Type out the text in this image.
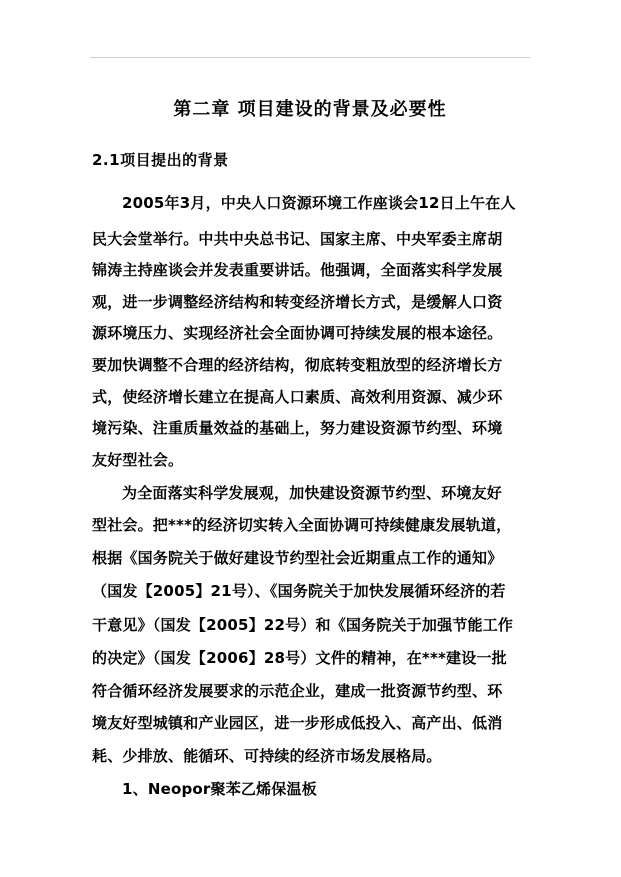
第二章 项目建设的背景及必要性
2.1项目提出的背景
2005年3月，中央人口资源环境工作座谈会12日上午在人
民大会堂举行。中共中央总书记、国家主席、中央军委主席胡
锦涛主持座谈会并发表重要讲话。他强调，全面落实科学发展
观，进一步调整经济结构和转变经济增长方式，是缓解人口资
源环境压力、实现经济社会全面协调可持续发展的根本途径。
要加快调整不合理的经济结构，彻底转变粗放型的经济增长方
式，使经济增长建立在提高人口素质、高效利用资源、减少环
境污染、注重质量效益的基础上，努力建设资源节约型、环境
友好型社会。
为全面落实科学发展观，加快建设资源节约型、环境友好
型社会。把***的经济切实转入全面协调可持续健康发展轨道，
根据《国务院关于做好建设节约型社会近期重点工作的通知》
（国发【2005】21号）、《国务院关于加快发展循环经济的若
干意见》（国发【2005】22号）和《国务院关于加强节能工作
的决定》（国发【2006】28号）文件的精神，在***建设一批
符合循环经济发展要求的示范企业，建成一批资源节约型、环
境友好型城镇和产业园区，进一步形成低投入、高产出、低消
耗、少排放、能循环、可持续的经济市场发展格局。
1、Neopor聚苯乙烯保温板
